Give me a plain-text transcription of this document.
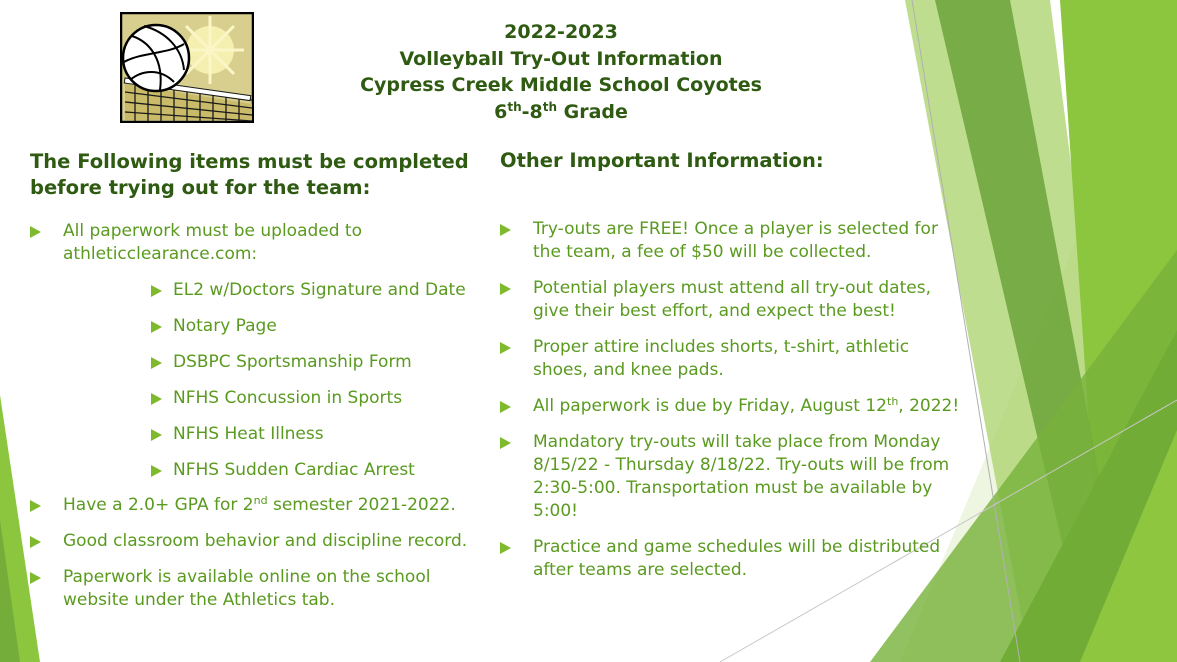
2022-2023
Volleyball Try-Out Information
Cypress Creek Middle School Coyotes
6th-8th Grade
The Following items must be completed before trying out for the team:
All paperwork must be uploaded to athleticclearance.com:
EL2 w/Doctors Signature and Date
Notary Page
DSBPC Sportsmanship Form
NFHS Concussion in Sports
NFHS Heat Illness
NFHS Sudden Cardiac Arrest
Have a 2.0+ GPA for 2nd semester 2021-2022.
Good classroom behavior and discipline record.
Paperwork is available online on the school website under the Athletics tab.
Other Important Information:
Try-outs are FREE! Once a player is selected for the team, a fee of $50 will be collected.
Potential players must attend all try-out dates, give their best effort, and expect the best!
Proper attire includes shorts, t-shirt, athletic shoes, and knee pads.
All paperwork is due by Friday, August 12th, 2022!
Mandatory try-outs will take place from Monday 8/15/22 - Thursday 8/18/22. Try-outs will be from 2:30-5:00. Transportation must be available by 5:00!
Practice and game schedules will be distributed after teams are selected.
